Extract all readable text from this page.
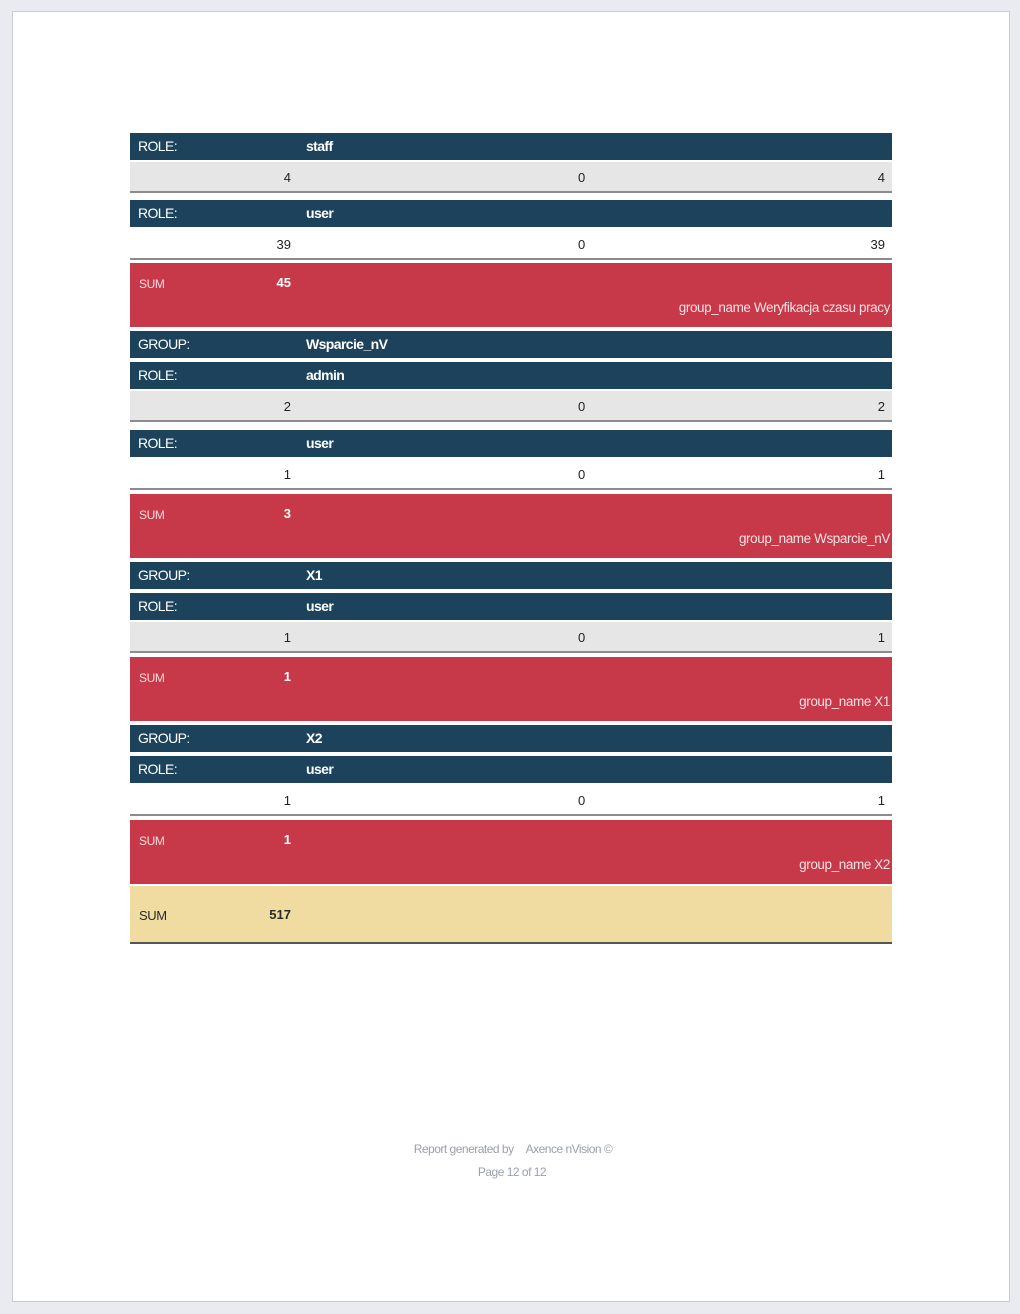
ROLE:	staff
4	0	4
ROLE:	user
39	0	39
SUM	45
group_name Weryfikacja czasu pracy
GROUP:	Wsparcie_nV
ROLE:	admin
2	0	2
ROLE:	user
1	0	1
SUM	3
group_name Wsparcie_nV
GROUP:	X1
ROLE:	user
1	0	1
SUM	1
group_name X1
GROUP:	X2
ROLE:	user
1	0	1
SUM	1
group_name X2
SUM	517
Report generated by Axence nVision ©
Page 12 of 12
